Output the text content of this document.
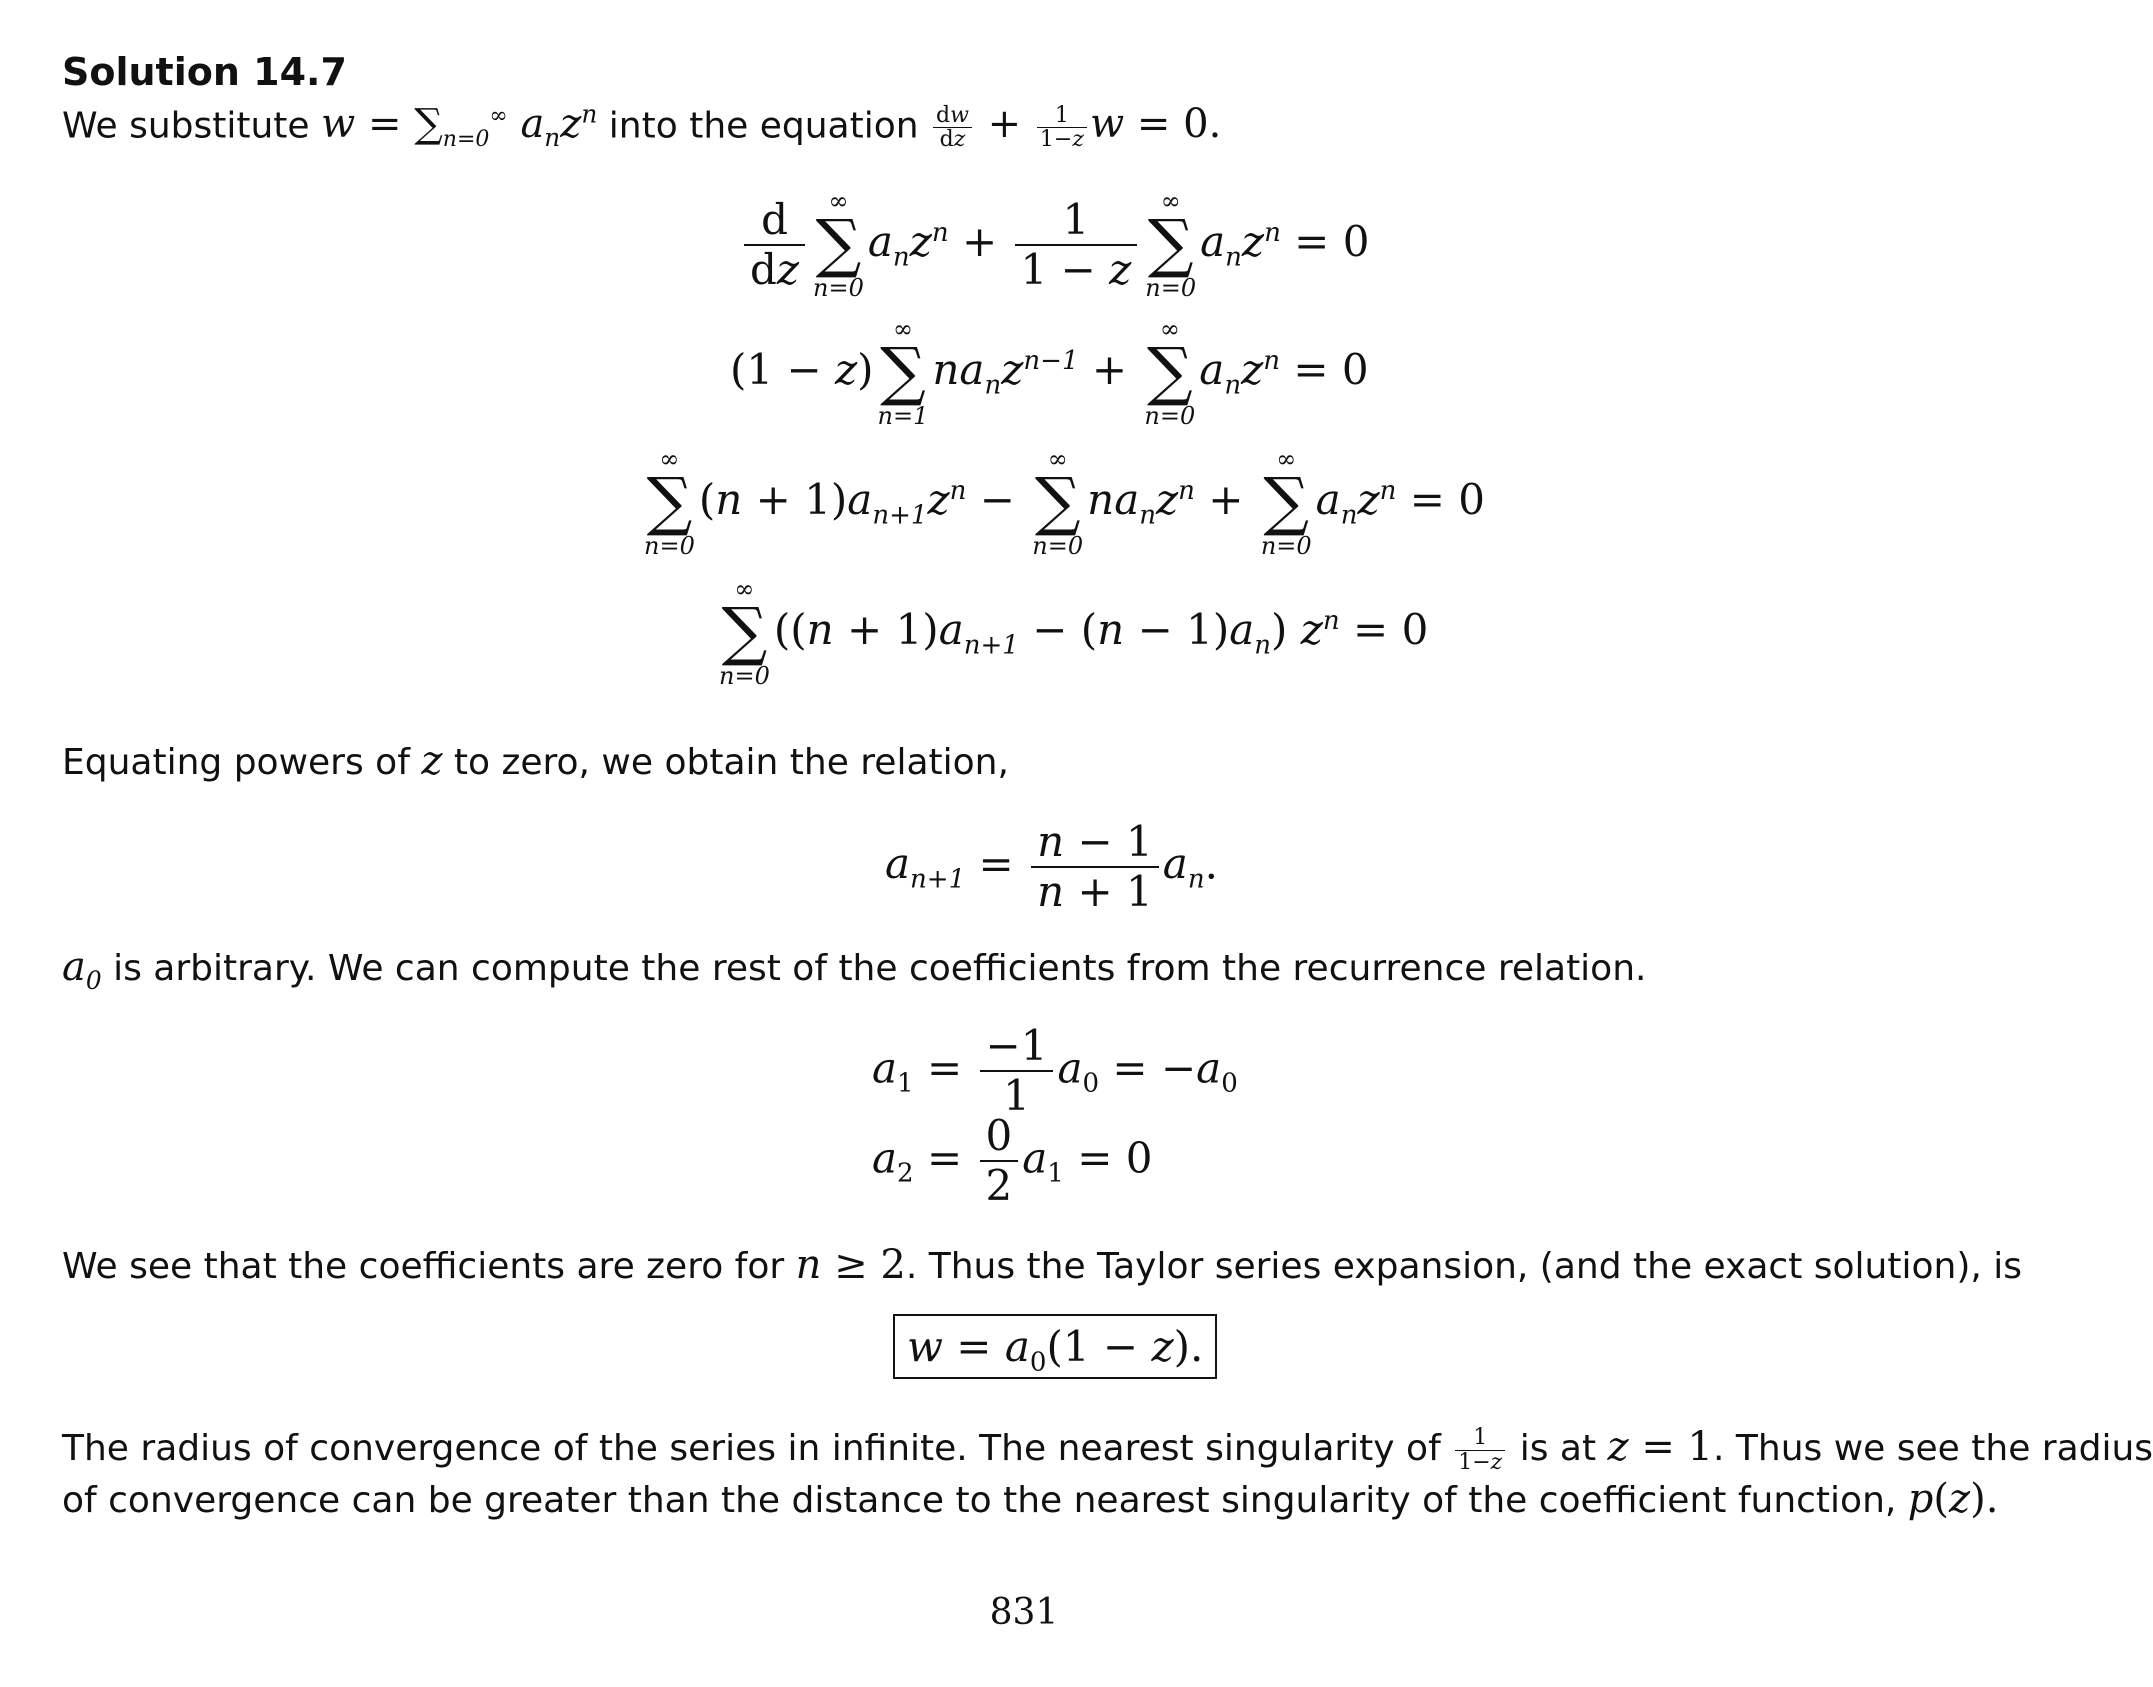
Solution 14.7
We substitute $w = \sum_{n=0}^\infty$ $a_nz^n$ into the equation $\frac{dw}{dz} + \frac{1}{1-z}$ w = 0.
$\frac{d}{dz}$ ∞
∑
n=0
$a_nz^n + \frac{1}{1 - z}$ ∞
∑
n=0
$a_nz^n = 0$
(1 − z)
∞
∑
n=1
$na_nz^{n-1}$ +
∞
∑
n=0
$a_nz^n = 0$
∞
∑
n=0
$(n + 1)a_{n+1}z^n$ −
∞
∑
n=0
$na_nz^n$ +
∞
∑
n=0
$a_nz^n = 0$
∞
∑
n=0
$((n + 1)a_{n+1} - (n - 1)a_n)$ $z^n = 0$
Equating powers of z to zero, we obtain the relation,
$a_{n+1} = \frac{n - 1}{n + 1} a_n$.
$a_0$ is arbitrary. We can compute the rest of the coefficients from the recurrence relation.
$a_1 = \frac{-1}{1} a_0 = -a_0$
$a_2 = \frac{0}{2} a_1 = 0$
We see that the coefficients are zero for n ≥ 2. Thus the Taylor series expansion, (and the exact solution), is
$w = a_0(1 - z)$.
The radius of convergence of the series in infinite. The nearest singularity of $\frac{1}{1-z}$ is at z = 1. Thus we see the radius
of convergence can be greater than the distance to the nearest singularity of the coefficient function, p(z).
831
